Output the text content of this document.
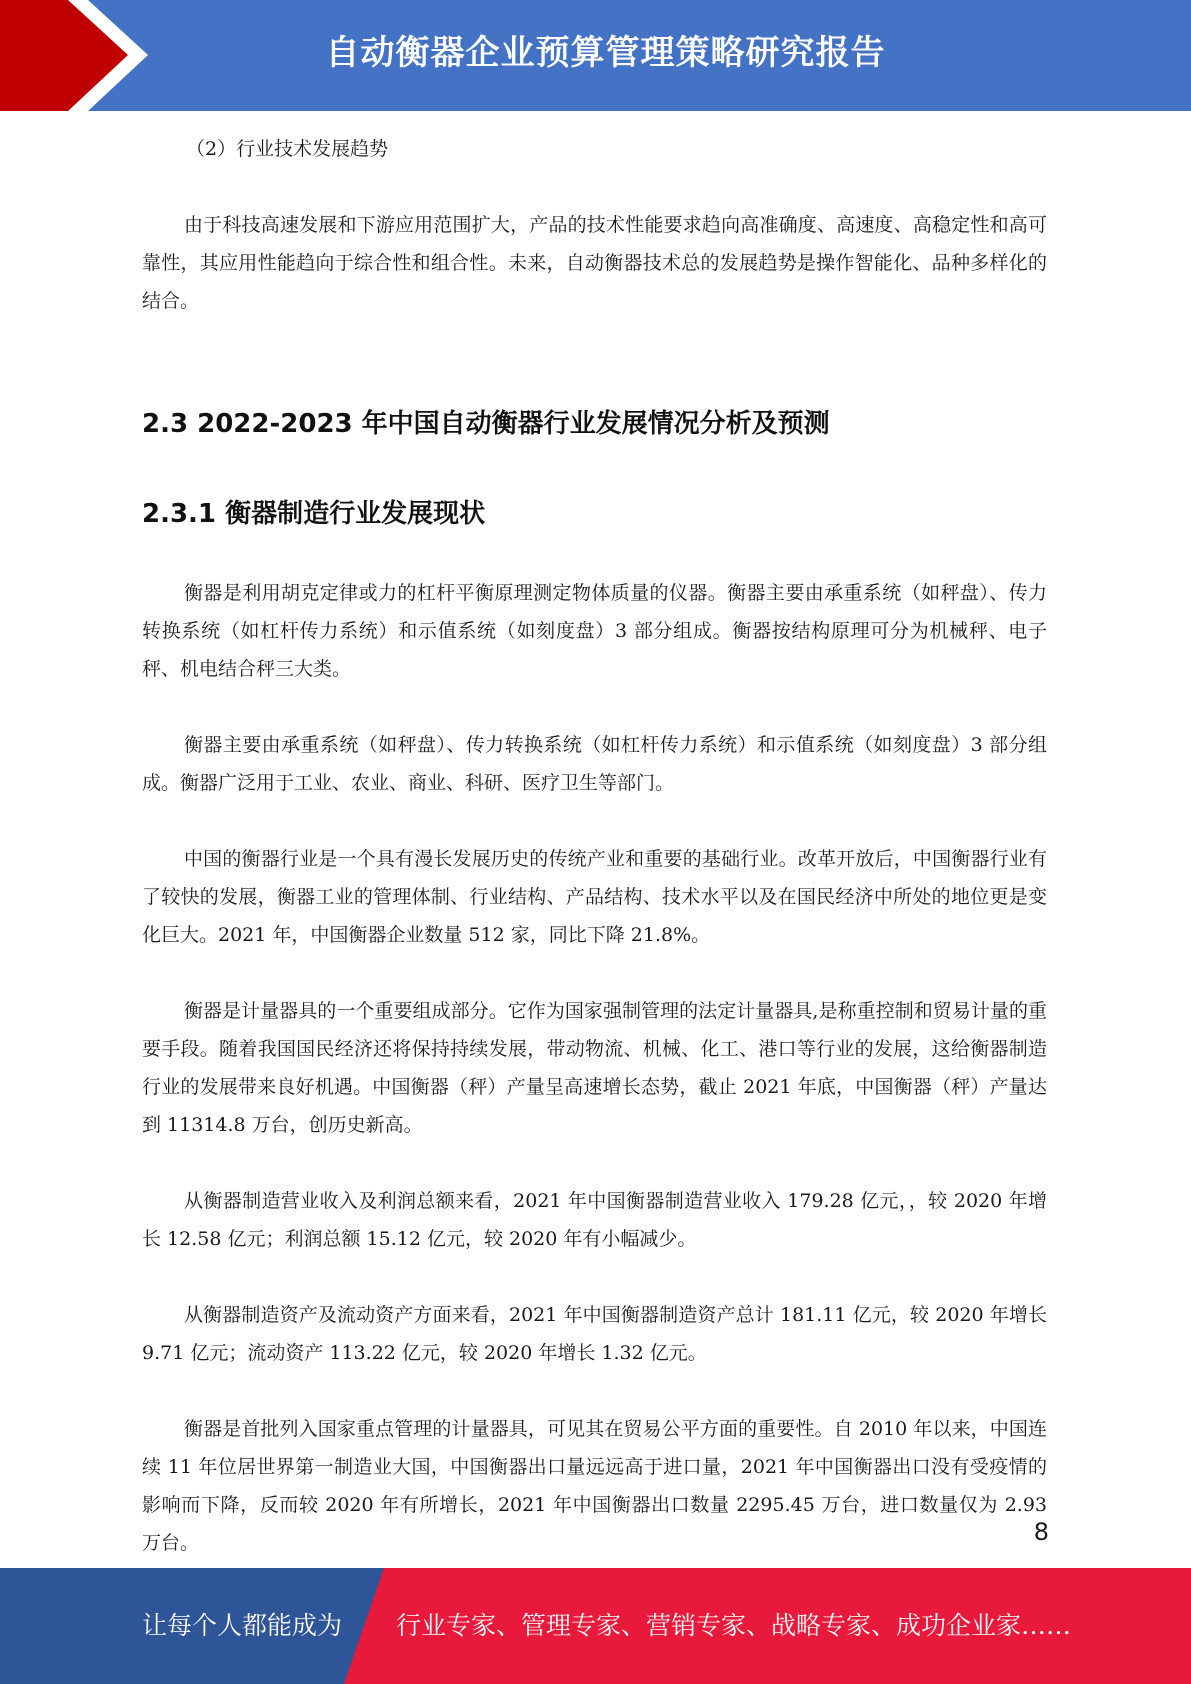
自动衡器企业预算管理策略研究报告

（2）行业技术发展趋势

由于科技高速发展和下游应用范围扩大，产品的技术性能要求趋向高准确度、高速度、高稳定性和高可靠性，其应用性能趋向于综合性和组合性。未来，自动衡器技术总的发展趋势是操作智能化、品种多样化的结合。

2.3 2022-2023 年中国自动衡器行业发展情况分析及预测
2.3.1 衡器制造行业发展现状

衡器是利用胡克定律或力的杠杆平衡原理测定物体质量的仪器。衡器主要由承重系统（如秤盘）、传力转换系统（如杠杆传力系统）和示值系统（如刻度盘）3 部分组成。衡器按结构原理可分为机械秤、电子秤、机电结合秤三大类。

衡器主要由承重系统（如秤盘）、传力转换系统（如杠杆传力系统）和示值系统（如刻度盘）3 部分组成。衡器广泛用于工业、农业、商业、科研、医疗卫生等部门。

中国的衡器行业是一个具有漫长发展历史的传统产业和重要的基础行业。改革开放后，中国衡器行业有了较快的发展，衡器工业的管理体制、行业结构、产品结构、技术水平以及在国民经济中所处的地位更是变化巨大。2021 年，中国衡器企业数量 512 家，同比下降 21.8%。

衡器是计量器具的一个重要组成部分。它作为国家强制管理的法定计量器具,是称重控制和贸易计量的重要手段。随着我国国民经济还将保持持续发展，带动物流、机械、化工、港口等行业的发展，这给衡器制造行业的发展带来良好机遇。中国衡器（秤）产量呈高速增长态势，截止 2021 年底，中国衡器（秤）产量达到 11314.8 万台，创历史新高。

从衡器制造营业收入及利润总额来看，2021 年中国衡器制造营业收入 179.28 亿元，，较 2020 年增长 12.58 亿元；利润总额 15.12 亿元，较 2020 年有小幅减少。

从衡器制造资产及流动资产方面来看，2021 年中国衡器制造资产总计 181.11 亿元，较 2020 年增长 9.71 亿元；流动资产 113.22 亿元，较 2020 年增长 1.32 亿元。

衡器是首批列入国家重点管理的计量器具，可见其在贸易公平方面的重要性。自 2010 年以来，中国连续 11 年位居世界第一制造业大国，中国衡器出口量远远高于进口量，2021 年中国衡器出口没有受疫情的影响而下降，反而较 2020 年有所增长，2021 年中国衡器出口数量 2295.45 万台，进口数量仅为 2.93 万台。	8
让每个人都能成为 行业专家、管理专家、营销专家、战略专家、成功企业家……
